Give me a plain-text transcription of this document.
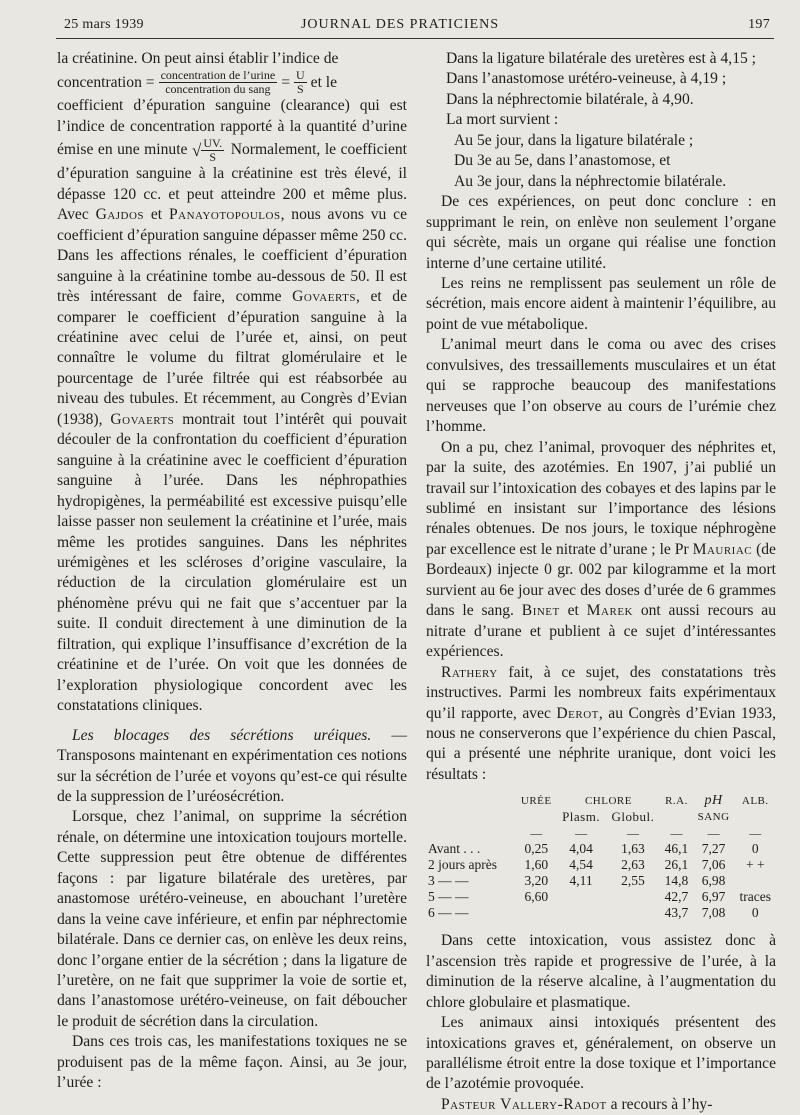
25 mars 1939	JOURNAL DES PRATICIENS	197

la créatinine. On peut ainsi établir l’indice de

concentration = $\frac{\text{concentration de l’urine}}{\text{concentration du sang}} = \frac{U}{S}$ et le

coefficient d’épuration sanguine (clearance) qui est l’indice de concentration rapporté à la quantité d’urine émise en une minute √ $\frac{UV.}{S}$ Normalement, le coefficient d’épuration sanguine à la créatinine est très élevé, il dépasse 120 cc. et peut atteindre 200 et même plus. Avec Gajdos et Panayotopoulos, nous avons vu ce coefficient d’épuration sanguine dépasser même 250 cc. Dans les affections rénales, le coefficient d’épuration sanguine à la créatinine tombe au-dessous de 50. Il est très intéressant de faire, comme Govaerts, et de comparer le coefficient d’épuration sanguine à la créatinine avec celui de l’urée et, ainsi, on peut connaître le volume du filtrat glomérulaire et le pourcentage de l’urée filtrée qui est réabsorbée au niveau des tubules. Et récemment, au Congrès d’Evian (1938), Govaerts montrait tout l’intérêt qui pouvait découler de la confrontation du coefficient d’épuration sanguine à la créatinine avec le coefficient d’épuration sanguine à l’urée. Dans les néphropathies hydropigènes, la perméabilité est excessive puisqu’elle laisse passer non seulement la créatinine et l’urée, mais même les protides sanguines. Dans les néphrites urémigènes et les scléroses d’origine vasculaire, la réduction de la circulation glomérulaire est un phénomène prévu qui ne fait que s’accentuer par la suite. Il conduit directement à une diminution de la filtration, qui explique l’insuffisance d’excrétion de la créatinine et de l’urée. On voit que les données de l’exploration physiologique concordent avec les constatations cliniques.

Les blocages des sécrétions uréiques. — Transposons maintenant en expérimentation ces notions sur la sécrétion de l’urée et voyons qu’est-ce qui résulte de la suppression de l’uréosécrétion.

Lorsque, chez l’animal, on supprime la sécrétion rénale, on détermine une intoxication toujours mortelle. Cette suppression peut être obtenue de différentes façons : par ligature bilatérale des uretères, par anastomose urétéro-veineuse, en abouchant l’uretère dans la veine cave inférieure, et enfin par néphrectomie bilatérale. Dans ce dernier cas, on enlève les deux reins, donc l’organe entier de la sécrétion ; dans la ligature de l’uretère, on ne fait que supprimer la voie de sortie et, dans l’anastomose urétéro-veineuse, on fait déboucher le produit de sécrétion dans la circulation.

Dans ces trois cas, les manifestations toxiques ne se produisent pas de la même façon. Ainsi, au 3e jour, l’urée :

Dans la ligature bilatérale des uretères est à 4,15 ;

Dans l’anastomose urétéro-veineuse, à 4,19 ;

Dans la néphrectomie bilatérale, à 4,90.

La mort survient :

Au 5e jour, dans la ligature bilatérale ;

Du 3e au 5e, dans l’anastomose, et

Au 3e jour, dans la néphrectomie bilatérale.

De ces expériences, on peut donc conclure : en supprimant le rein, on enlève non seulement l’organe qui sécrète, mais un organe qui réalise une fonction interne d’une certaine utilité.

Les reins ne remplissent pas seulement un rôle de sécrétion, mais encore aident à maintenir l’équilibre, au point de vue métabolique.

L’animal meurt dans le coma ou avec des crises convulsives, des tressaillements musculaires et un état qui se rapproche beaucoup des manifestations nerveuses que l’on observe au cours de l’urémie chez l’homme.

On a pu, chez l’animal, provoquer des néphrites et, par la suite, des azotémies. En 1907, j’ai publié un travail sur l’intoxication des cobayes et des lapins par le sublimé en insistant sur l’importance des lésions rénales obtenues. De nos jours, le toxique néphrogène par excellence est le nitrate d’urane ; le Pr Mauriac (de Bordeaux) injecte 0 gr. 002 par kilogramme et la mort survient au 6e jour avec des doses d’urée de 6 grammes dans le sang. Binet et Marek ont aussi recours au nitrate d’urane et publient à ce sujet d’intéressantes expériences.

Rathery fait, à ce sujet, des constatations très instructives. Parmi les nombreux faits expérimentaux qu’il rapporte, avec Derot, au Congrès d’Evian 1933, nous ne conserverons que l’expérience du chien Pascal, qui a présenté une néphrite uranique, dont voici les résultats :

	URÉE	CHLORE		R.A.	pH	ALB.
		Plasm.	Globul.		SANG	
	—	—	—	—	—	—
Avant . . .	0,25	4,04	1,63	46,1	7,27	0
2 jours après	1,60	4,54	2,63	26,1	7,06	+ +
3 — —	3,20	4,11	2,55	14,8	6,98	
5 — —	6,60			42,7	6,97	traces
6 — —				43,7	7,08	0

Dans cette intoxication, vous assistez donc à l’ascension très rapide et progressive de l’urée, à la diminution de la réserve alcaline, à l’augmentation du chlore globulaire et plasmatique.

Les animaux ainsi intoxiqués présentent des intoxications graves et, généralement, on observe un parallélisme étroit entre la dose toxique et l’importance de l’azotémie provoquée.

Pasteur Vallery-Radot a recours à l’hy-
